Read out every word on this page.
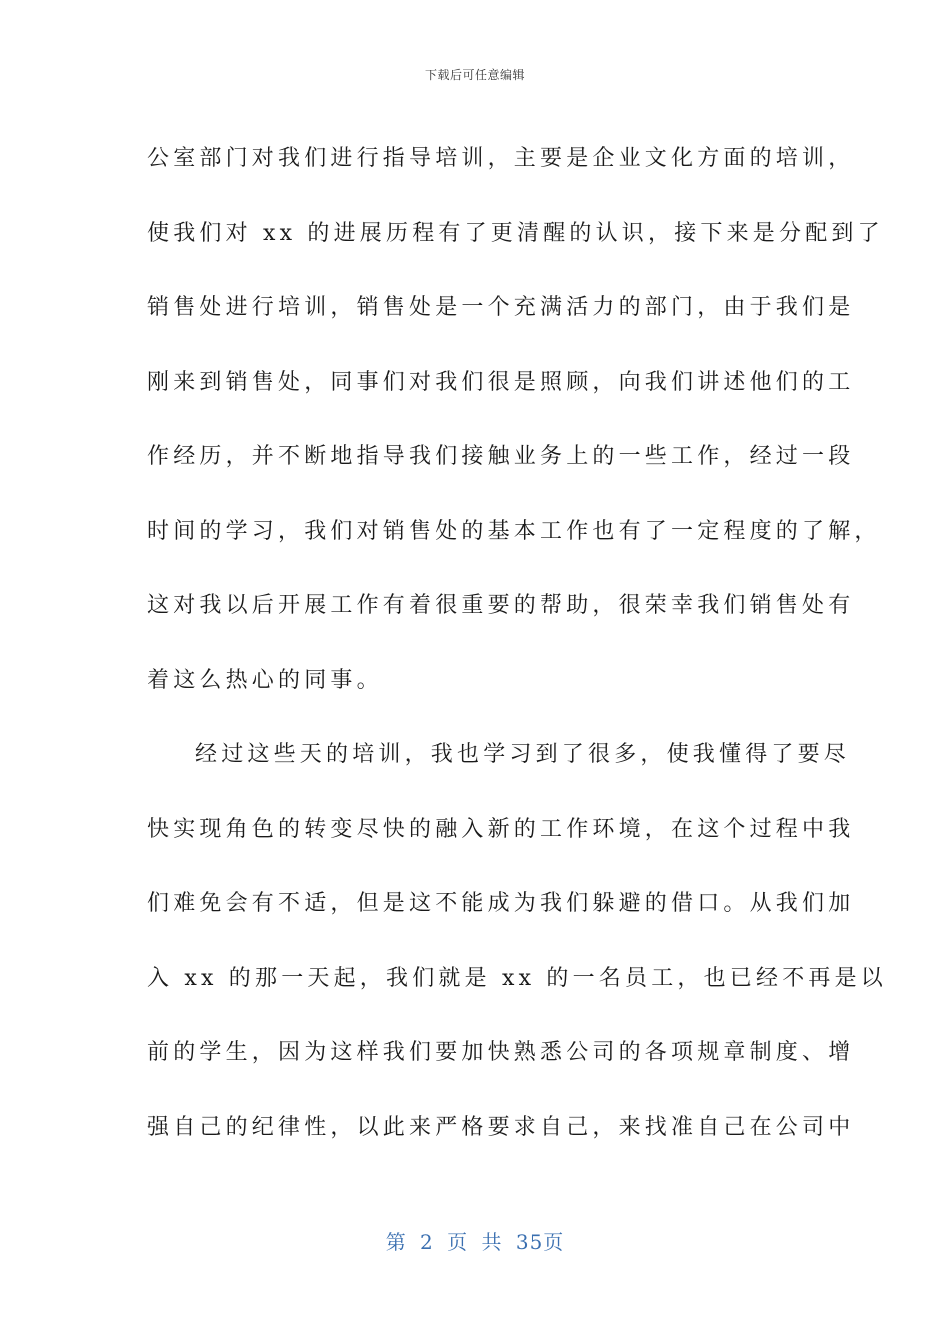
下载后可任意编辑
公室部门对我们进行指导培训，主要是企业文化方面的培训，
使我们对 xx 的进展历程有了更清醒的认识，接下来是分配到了
销售处进行培训，销售处是一个充满活力的部门，由于我们是
刚来到销售处，同事们对我们很是照顾，向我们讲述他们的工
作经历，并不断地指导我们接触业务上的一些工作，经过一段
时间的学习，我们对销售处的基本工作也有了一定程度的了解，
这对我以后开展工作有着很重要的帮助，很荣幸我们销售处有
着这么热心的同事。
经过这些天的培训，我也学习到了很多，使我懂得了要尽
快实现角色的转变尽快的融入新的工作环境，在这个过程中我
们难免会有不适，但是这不能成为我们躲避的借口。从我们加
入 xx 的那一天起，我们就是 xx 的一名员工，也已经不再是以
前的学生，因为这样我们要加快熟悉公司的各项规章制度、增
强自己的纪律性，以此来严格要求自己，来找准自己在公司中
第 2 页 共 35页
